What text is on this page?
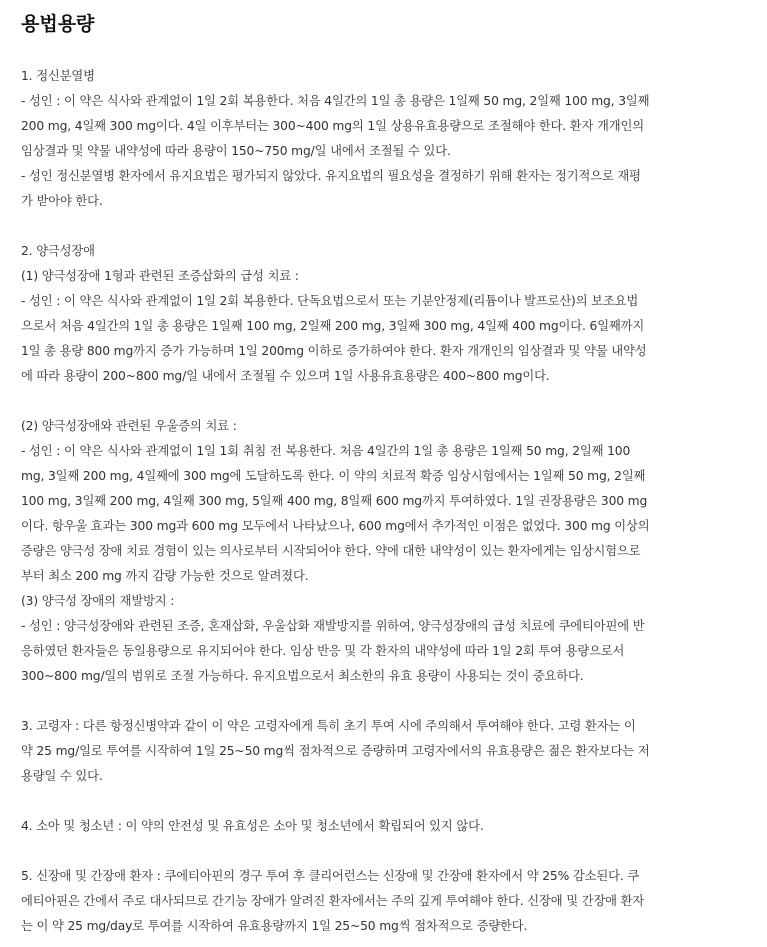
용법용량
1. 정신분열병
- 성인 : 이 약은 식사와 관계없이 1일 2회 복용한다. 처음 4일간의 1일 총 용량은 1일째 50 mg, 2일째 100 mg, 3일째
200 mg, 4일째 300 mg이다. 4일 이후부터는 300~400 mg의 1일 상용유효용량으로 조절해야 한다. 환자 개개인의
임상결과 및 약물 내약성에 따라 용량이 150~750 mg/일 내에서 조절될 수 있다.
- 성인 정신분열병 환자에서 유지요법은 평가되지 않았다. 유지요법의 필요성을 결정하기 위해 환자는 정기적으로 재평
가 받아야 한다.
2. 양극성장애
(1) 양극성장애 1형과 관련된 조증삽화의 급성 치료 :
- 성인 : 이 약은 식사와 관계없이 1일 2회 복용한다. 단독요법으로서 또는 기분안정제(리튬이나 발프로산)의 보조요법
으로서 처음 4일간의 1일 총 용량은 1일째 100 mg, 2일째 200 mg, 3일째 300 mg, 4일째 400 mg이다. 6일째까지
1일 총 용량 800 mg까지 증가 가능하며 1일 200mg 이하로 증가하여야 한다. 환자 개개인의 임상결과 및 약물 내약성
에 따라 용량이 200~800 mg/일 내에서 조절될 수 있으며 1일 사용유효용량은 400~800 mg이다.
(2) 양극성장애와 관련된 우울증의 치료 :
- 성인 : 이 약은 식사와 관계없이 1일 1회 취침 전 복용한다. 처음 4일간의 1일 총 용량은 1일째 50 mg, 2일째 100
mg, 3일째 200 mg, 4일째에 300 mg에 도달하도록 한다. 이 약의 치료적 확증 임상시험에서는 1일째 50 mg, 2일째
100 mg, 3일째 200 mg, 4일째 300 mg, 5일째 400 mg, 8일째 600 mg까지 투여하였다. 1일 권장용량은 300 mg
이다. 항우울 효과는 300 mg과 600 mg 모두에서 나타났으나, 600 mg에서 추가적인 이점은 없었다. 300 mg 이상의
증량은 양극성 장애 치료 경험이 있는 의사로부터 시작되어야 한다. 약에 대한 내약성이 있는 환자에게는 임상시험으로
부터 최소 200 mg 까지 감량 가능한 것으로 알려졌다.
(3) 양극성 장애의 재발방지 :
- 성인 : 양극성장애와 관련된 조증, 혼재삽화, 우울삽화 재발방지를 위하여, 양극성장애의 급성 치료에 쿠에티아핀에 반
응하였던 환자들은 동일용량으로 유지되어야 한다. 임상 반응 및 각 환자의 내약성에 따라 1일 2회 투여 용량으로서
300~800 mg/일의 범위로 조절 가능하다. 유지요법으로서 최소한의 유효 용량이 사용되는 것이 중요하다.
3. 고령자 : 다른 항정신병약과 같이 이 약은 고령자에게 특히 초기 투여 시에 주의해서 투여해야 한다. 고령 환자는 이
약 25 mg/일로 투여를 시작하여 1일 25~50 mg씩 점차적으로 증량하며 고령자에서의 유효용량은 젊은 환자보다는 저
용량일 수 있다.
4. 소아 및 청소년 : 이 약의 안전성 및 유효성은 소아 및 청소년에서 확립되어 있지 않다.
5. 신장애 및 간장애 환자 : 쿠에티아핀의 경구 투여 후 클리어런스는 신장애 및 간장애 환자에서 약 25% 감소된다. 쿠
에티아핀은 간에서 주로 대사되므로 간기능 장애가 알려진 환자에서는 주의 깊게 투여해야 한다. 신장애 및 간장애 환자
는 이 약 25 mg/day로 투여를 시작하여 유효용량까지 1일 25~50 mg씩 점차적으로 증량한다.
